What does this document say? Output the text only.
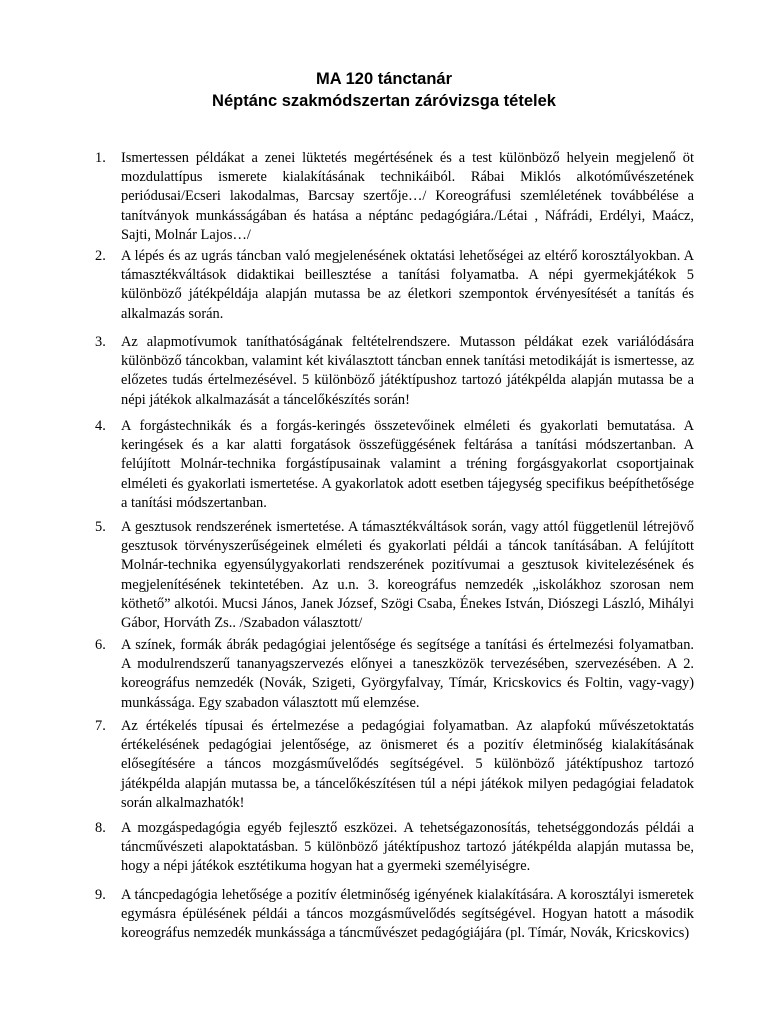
MA 120 tánctanár
Néptánc szakmódszertan záróvizsga tételek
1. Ismertessen példákat a zenei lüktetés megértésének és a test különböző helyein megjelenő öt mozdulattípus ismerete kialakításának technikáiból. Rábai Miklós alkotóművészetének periódusai/Ecseri lakodalmas, Barcsay szertője…/ Koreográfusi szemléletének továbbélése a tanítványok munkásságában és hatása a néptánc pedagógiára./Létai , Náfrádi, Erdélyi, Maácz, Sajti, Molnár Lajos…/

2. A lépés és az ugrás táncban való megjelenésének oktatási lehetőségei az eltérő korosztályokban. A támasztékváltások didaktikai beillesztése a tanítási folyamatba. A népi gyermekjátékok 5 különböző játékpéldája alapján mutassa be az életkori szempontok érvényesítését a tanítás és alkalmazás során.

3. Az alapmotívumok taníthatóságának feltételrendszere. Mutasson példákat ezek variálódására különböző táncokban, valamint két kiválasztott táncban ennek tanítási metodikáját is ismertesse, az előzetes tudás értelmezésével. 5 különböző játéktípushoz tartozó játékpélda alapján mutassa be a népi játékok alkalmazását a táncelőkészítés során!

4. A forgástechnikák és a forgás-keringés összetevőinek elméleti és gyakorlati bemutatása. A keringések és a kar alatti forgatások összefüggésének feltárása a tanítási módszertanban. A felújított Molnár-technika forgástípusainak valamint a tréning forgásgyakorlat csoportjainak elméleti és gyakorlati ismertetése. A gyakorlatok adott esetben tájegység specifikus beépíthetősége a tanítási módszertanban.

5. A gesztusok rendszerének ismertetése. A támasztékváltások során, vagy attól függetlenül létrejövő gesztusok törvényszerűségeinek elméleti és gyakorlati példái a táncok tanításában. A felújított Molnár-technika egyensúlygyakorlati rendszerének pozitívumai a gesztusok kivitelezésének és megjelenítésének tekintetében. Az u.n. 3. koreográfus nemzedék „iskolákhoz szorosan nem köthető” alkotói. Mucsi János, Janek József, Szögi Csaba, Énekes István, Diószegi László, Mihályi Gábor, Horváth Zs.. /Szabadon választott/

6. A színek, formák ábrák pedagógiai jelentősége és segítsége a tanítási és értelmezési folyamatban. A modulrendszerű tananyagszervezés előnyei a taneszközök tervezésében, szervezésében. A 2. koreográfus nemzedék (Novák, Szigeti, Györgyfalvay, Tímár, Kricskovics és Foltin, vagy-vagy) munkássága. Egy szabadon választott mű elemzése.

7. Az értékelés típusai és értelmezése a pedagógiai folyamatban. Az alapfokú művészetoktatás értékelésének pedagógiai jelentősége, az önismeret és a pozitív életminőség kialakításának elősegítésére a táncos mozgásművelődés segítségével. 5 különböző játéktípushoz tartozó játékpélda alapján mutassa be, a táncelőkészítésen túl a népi játékok milyen pedagógiai feladatok során alkalmazhatók!

8. A mozgáspedagógia egyéb fejlesztő eszközei. A tehetségazonosítás, tehetséggondozás példái a táncművészeti alapoktatásban. 5 különböző játéktípushoz tartozó játékpélda alapján mutassa be, hogy a népi játékok esztétikuma hogyan hat a gyermeki személyiségre.

9. A táncpedagógia lehetősége a pozitív életminőség igényének kialakítására. A korosztályi ismeretek egymásra épülésének példái a táncos mozgásművelődés segítségével. Hogyan hatott a második koreográfus nemzedék munkássága a táncművészet pedagógiájára (pl. Tímár, Novák, Kricskovics)
